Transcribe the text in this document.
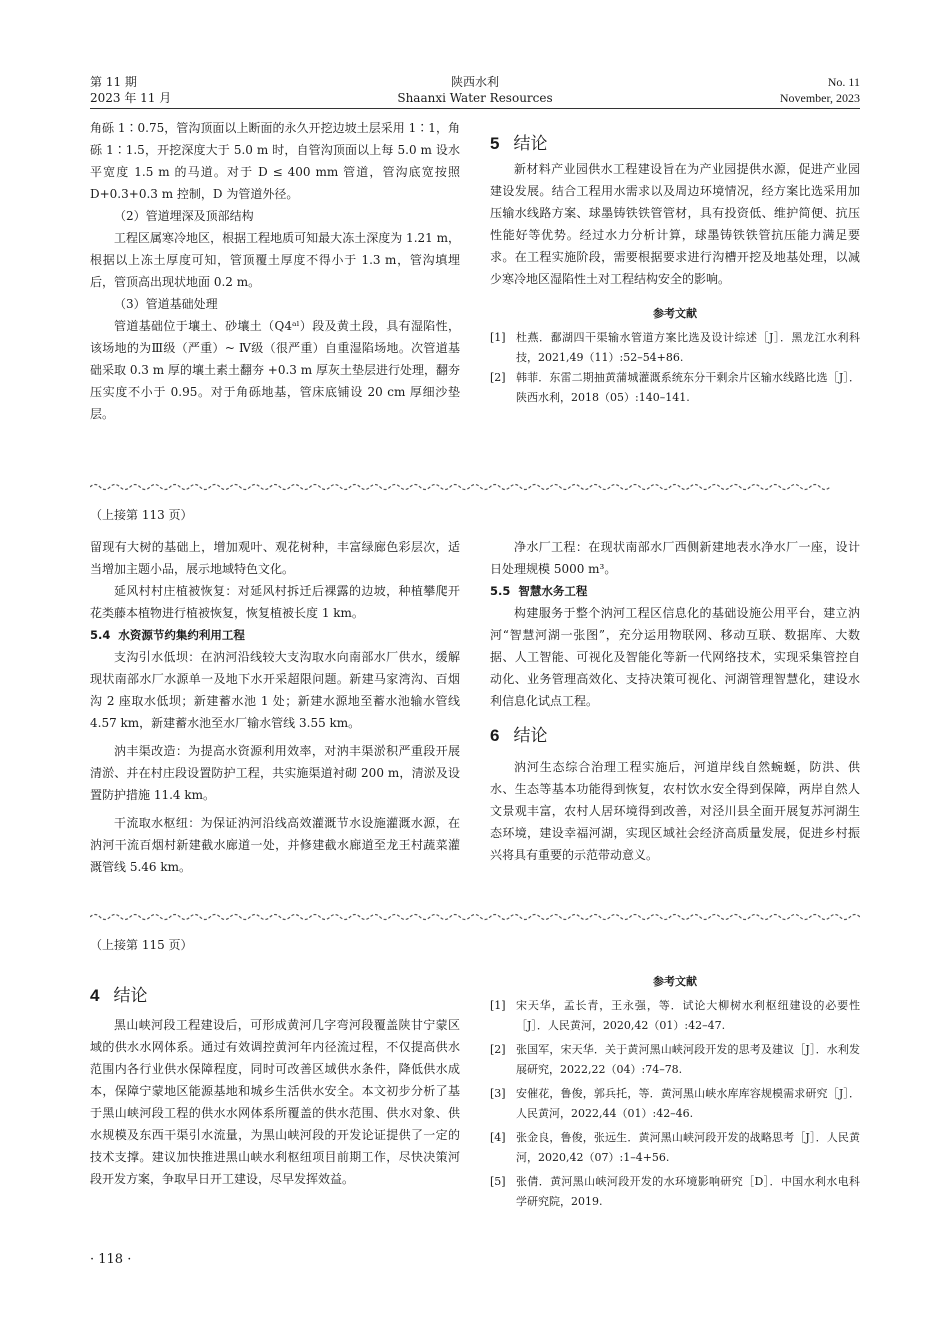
第 11 期
2023 年 11 月
陕西水利
Shaanxi Water Resources
No. 11
November, 2023

角砾 1∶0.75，管沟顶面以上断面的永久开挖边坡土层采用 1∶1，角砾 1∶1.5，开挖深度大于 5.0 m 时，自管沟顶面以上每 5.0 m 设水平宽度 1.5 m 的马道。对于 D ≤ 400 mm 管道，管沟底宽按照 D+0.3+0.3 m 控制，D 为管道外径。

（2）管道埋深及顶部结构

工程区属寒冷地区，根据工程地质可知最大冻土深度为 1.21 m，根据以上冻土厚度可知，管顶覆土厚度不得小于 1.3 m，管沟填埋后，管顶高出现状地面 0.2 m。

（3）管道基础处理

管道基础位于壤土、砂壤土（Q4ᵃˡ）段及黄土段，具有湿陷性，该场地的为Ⅲ级（严重）~ Ⅳ级（很严重）自重湿陷场地。次管道基础采取 0.3 m 厚的壤土素土翻夯 +0.3 m 厚灰土垫层进行处理，翻夯压实度不小于 0.95。对于角砾地基，管床底铺设 20 cm 厚细沙垫层。

5 结论

新材料产业园供水工程建设旨在为产业园提供水源，促进产业园建设发展。结合工程用水需求以及周边环境情况，经方案比选采用加压输水线路方案、球墨铸铁铁管管材，具有投资低、维护简便、抗压性能好等优势。经过水力分析计算，球墨铸铁铁管抗压能力满足要求。在工程实施阶段，需要根据要求进行沟槽开挖及地基处理，以减少寒冷地区湿陷性土对工程结构安全的影响。

参考文献
[1] 杜燕．鄱湖四干渠输水管道方案比选及设计综述［J］．黑龙江水利科技，2021,49（11）:52–54+86.
[2] 韩菲．东雷二期抽黄蒲城灌溉系统东分干剩余片区输水线路比选［J］．陕西水利，2018（05）:140–141.
（上接第 113 页）

留现有大树的基础上，增加观叶、观花树种，丰富绿廊色彩层次，适当增加主题小品，展示地域特色文化。

延风村村庄植被恢复：对延风村拆迁后裸露的边坡，种植攀爬开花类藤本植物进行植被恢复，恢复植被长度 1 km。

5.4 水资源节约集约利用工程

支沟引水低坝：在汭河沿线较大支沟取水向南部水厂供水，缓解现状南部水厂水源单一及地下水开采超限问题。新建马家湾沟、百烟沟 2 座取水低坝；新建蓄水池 1 处；新建水源地至蓄水池输水管线 4.57 km，新建蓄水池至水厂输水管线 3.55 km。

汭丰渠改造：为提高水资源利用效率，对汭丰渠淤积严重段开展清淤、并在村庄段设置防护工程，共实施渠道衬砌 200 m，清淤及设置防护措施 11.4 km。

干流取水枢纽：为保证汭河沿线高效灌溉节水设施灌溉水源，在汭河干流百烟村新建截水廊道一处，并修建截水廊道至龙王村蔬菜灌溉管线 5.46 km。

净水厂工程：在现状南部水厂西侧新建地表水净水厂一座，设计日处理规模 5000 m³。

5.5 智慧水务工程

构建服务于整个汭河工程区信息化的基础设施公用平台，建立汭河“智慧河湖一张图”，充分运用物联网、移动互联、数据库、大数据、人工智能、可视化及智能化等新一代网络技术，实现采集管控自动化、业务管理高效化、支持决策可视化、河湖管理智慧化，建设水利信息化试点工程。

6 结论

汭河生态综合治理工程实施后，河道岸线自然蜿蜒，防洪、供水、生态等基本功能得到恢复，农村饮水安全得到保障，两岸自然人文景观丰富，农村人居环境得到改善，对泾川县全面开展复苏河湖生态环境，建设幸福河湖，实现区域社会经济高质量发展，促进乡村振兴将具有重要的示范带动意义。

（上接第 115 页）
4 结论

黑山峡河段工程建设后，可形成黄河几字弯河段覆盖陕甘宁蒙区域的供水水网体系。通过有效调控黄河年内径流过程，不仅提高供水范围内各行业供水保障程度，同时可改善区域供水条件，降低供水成本，保障宁蒙地区能源基地和城乡生活供水安全。本文初步分析了基于黑山峡河段工程的供水水网体系所覆盖的供水范围、供水对象、供水规模及东西干渠引水流量，为黑山峡河段的开发论证提供了一定的技术支撑。建议加快推进黑山峡水利枢纽项目前期工作，尽快决策河段开发方案，争取早日开工建设，尽早发挥效益。

参考文献
[1] 宋天华，孟长青，王永强，等．试论大柳树水利枢纽建设的必要性［J］．人民黄河，2020,42（01）:42–47.
[2] 张国军，宋天华．关于黄河黑山峡河段开发的思考及建议［J］．水利发展研究，2022,22（04）:74–78.
[3] 安催花，鲁俊，郭兵托，等．黄河黑山峡水库库容规模需求研究［J］．人民黄河，2022,44（01）:42–46.
[4] 张金良，鲁俊，张远生．黄河黑山峡河段开发的战略思考［J］．人民黄河，2020,42（07）:1–4+56.
[5] 张倩．黄河黑山峡河段开发的水环境影响研究［D］．中国水利水电科学研究院，2019.
· 118 ·
